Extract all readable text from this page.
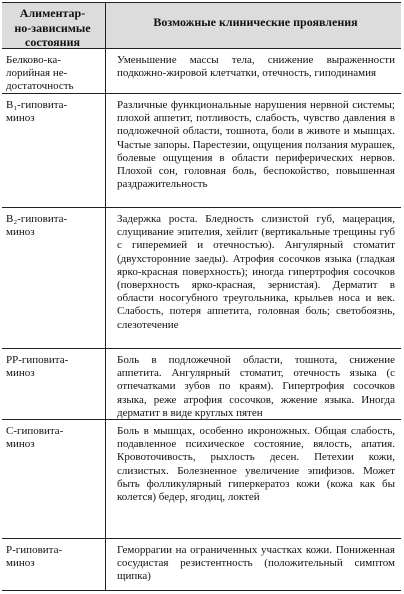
Алиментар-
но-зависимые
состояния
Возможные клинические проявления
Белково-ка-
лорийная не-
достаточность
Уменьшение массы тела, снижение выраженности подкожно-жировой клетчатки, отечность, гиподинамия
B₁-гиповита-
миноз
Различные функциональные нарушения нервной системы; плохой аппетит, потливость, слабость, чувство давления в подложечной области, тошнота, боли в животе и мышцах. Частые запоры. Парестезии, ощущения ползания мурашек, болевые ощущения в области периферических нервов. Плохой сон, головная боль, беспокойство, повышенная раздражительность
B₂-гиповита-
миноз
Задержка роста. Бледность слизистой губ, мацерация, слущивание эпителия, хейлит (вертикальные трещины губ с гиперемией и отечностью). Ангулярный стоматит (двухсторонние заеды). Атрофия сосочков языка (гладкая ярко-красная поверхность); иногда гипертрофия сосочков (поверхность ярко-красная, зернистая). Дерматит в области носогубного треугольника, крыльев носа и век. Слабость, потеря аппетита, головная боль; светобоязнь, слезотечение
PP-гиповита-
миноз
Боль в подложечной области, тошнота, снижение аппетита. Ангулярный стоматит, отечность языка (с отпечатками зубов по краям). Гипертрофия сосочков языка, реже атрофия сосочков, жжение языка. Иногда дерматит в виде круглых пятен
C-гиповита-
миноз
Боль в мышцах, особенно икроножных. Общая слабость, подавленное психическое состояние, вялость, апатия. Кровоточивость, рыхлость десен. Петехии кожи, слизистых. Болезненное увеличение эпифизов. Может быть фолликулярный гиперкератоз кожи (кожа как бы колется) бедер, ягодиц, локтей
P-гиповита-
миноз
Геморрагии на ограниченных участках кожи. Пониженная сосудистая резистентность (положительный симптом щипка)
